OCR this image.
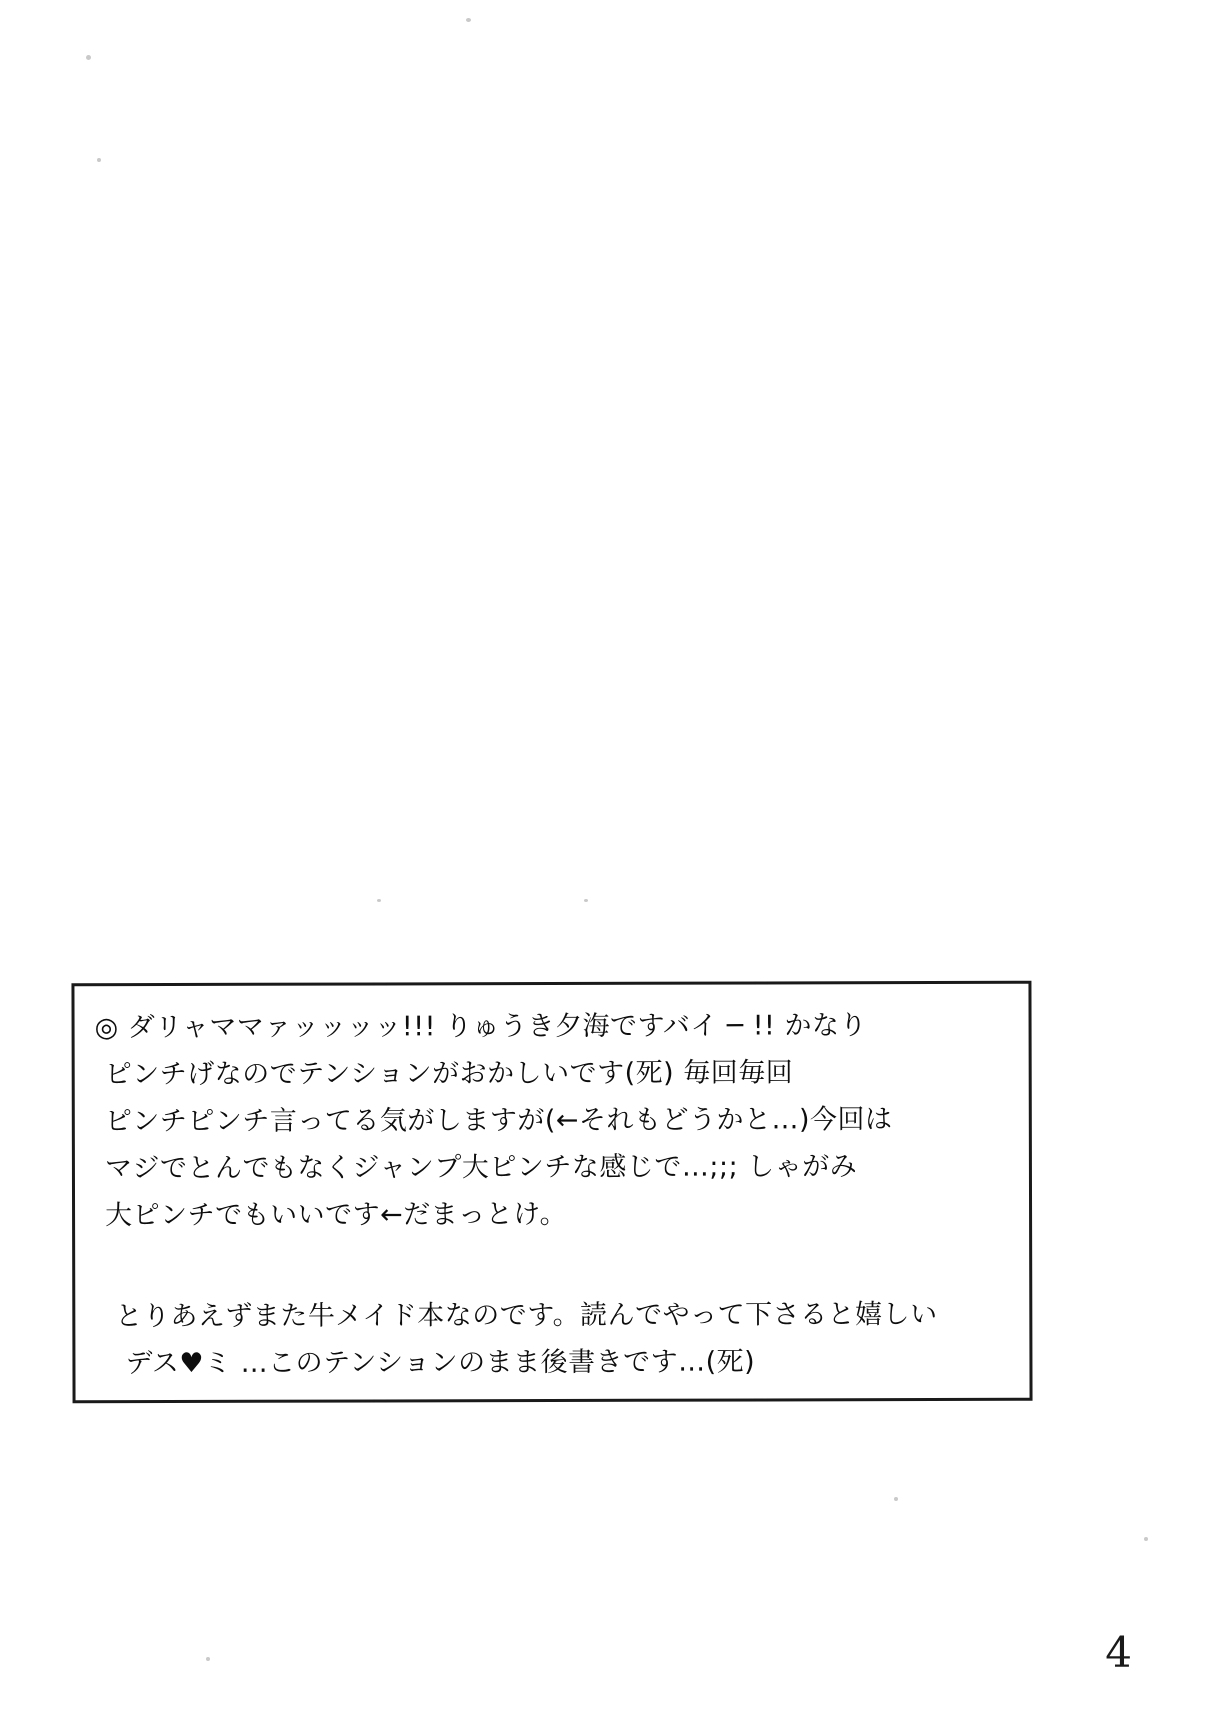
◎ ダリャママァッッッッ!!! りゅうき夕海ですバイ ─ !! かなり
ピンチげなのでテンションがおかしいです(死) 毎回毎回
ピンチピンチ言ってる気がしますが(←それもどうかと…)今回は
マジでとんでもなくジャンプ大ピンチな感じで…;;; しゃがみ
大ピンチでもいいです←だまっとけ。
とりあえずまた牛メイド本なのです。読んでやって下さると嬉しい
デス♥ミ …このテンションのまま後書きです…(死)
4
